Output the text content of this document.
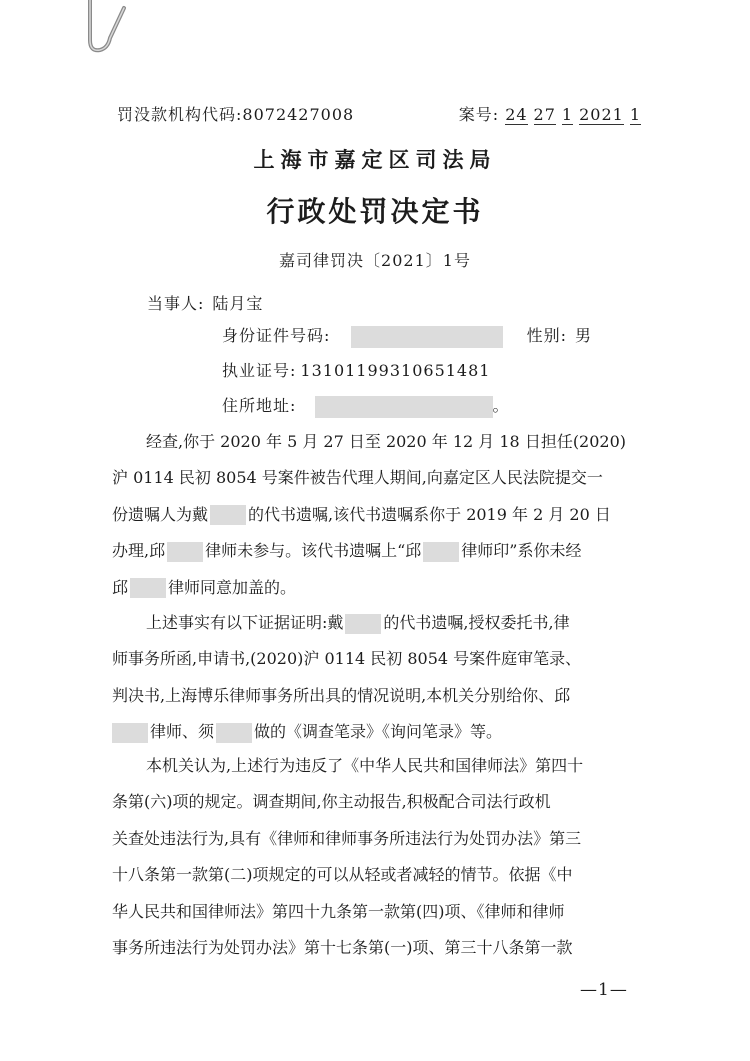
罚没款机构代码:8072427008	案号: 24 27 1 2021 1
上海市嘉定区司法局
行政处罚决定书
嘉司律罚决〔2021〕1号
当事人: 陆月宝
身份证件号码:	性别: 男
执业证号: 13101199310651481
住所地址:	。
经查,你于 2020 年 5 月 27 日至 2020 年 12 月 18 日担任(2020)
沪 0114 民初 8054 号案件被告代理人期间,向嘉定区人民法院提交一
份遗嘱人为戴	的代书遗嘱,该代书遗嘱系你于 2019 年 2 月 20 日
办理,邱	律师未参与。该代书遗嘱上“邱	律师印”系你未经
邱	律师同意加盖的。
上述事实有以下证据证明:戴	的代书遗嘱,授权委托书,律
师事务所函,申请书,(2020)沪 0114 民初 8054 号案件庭审笔录、
判决书,上海博乐律师事务所出具的情况说明,本机关分别给你、邱
律师、须	做的《调查笔录》《询问笔录》等。
本机关认为,上述行为违反了《中华人民共和国律师法》第四十
条第(六)项的规定。调查期间,你主动报告,积极配合司法行政机
关查处违法行为,具有《律师和律师事务所违法行为处罚办法》第三
十八条第一款第(二)项规定的可以从轻或者减轻的情节。依据《中
华人民共和国律师法》第四十九条第一款第(四)项、《律师和律师
事务所违法行为处罚办法》第十七条第(一)项、第三十八条第一款
—1—
